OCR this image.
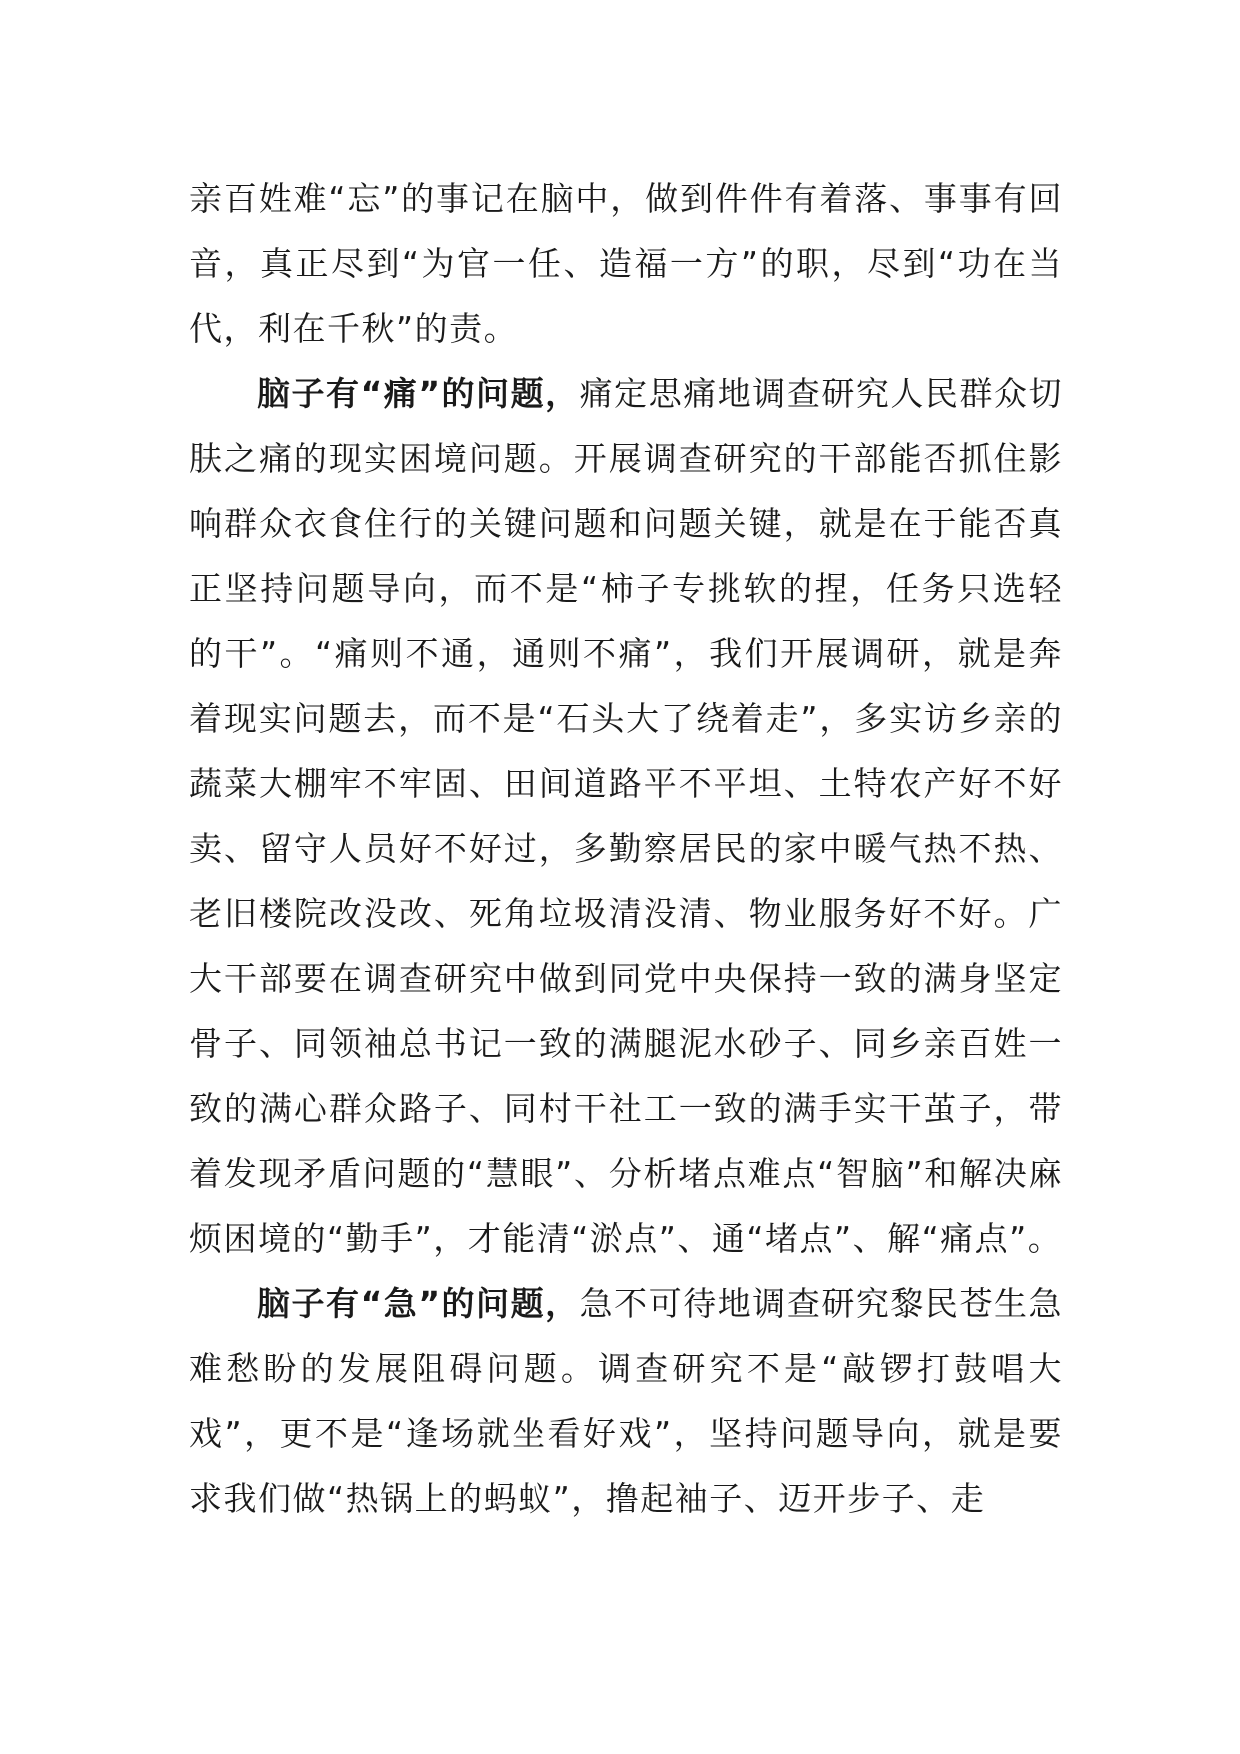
亲百姓难“忘”的事记在脑中，做到件件有着落、事事有回音，真正尽到“为官一任、造福一方”的职，尽到“功在当代，利在千秋”的责。

脑子有“痛”的问题，痛定思痛地调查研究人民群众切肤之痛的现实困境问题。开展调查研究的干部能否抓住影响群众衣食住行的关键问题和问题关键，就是在于能否真正坚持问题导向，而不是“柿子专挑软的捏，任务只选轻的干”。“痛则不通，通则不痛”，我们开展调研，就是奔着现实问题去，而不是“石头大了绕着走”，多实访乡亲的蔬菜大棚牢不牢固、田间道路平不平坦、土特农产好不好卖、留守人员好不好过，多勤察居民的家中暖气热不热、老旧楼院改没改、死角垃圾清没清、物业服务好不好。广大干部要在调查研究中做到同党中央保持一致的满身坚定骨子、同领袖总书记一致的满腿泥水砂子、同乡亲百姓一致的满心群众路子、同村干社工一致的满手实干茧子，带着发现矛盾问题的“慧眼”、分析堵点难点“智脑”和解决麻烦困境的“勤手”，才能清“淤点”、通“堵点”、解“痛点”。

脑子有“急”的问题，急不可待地调查研究黎民苍生急难愁盼的发展阻碍问题。调查研究不是“敲锣打鼓唱大戏”，更不是“逢场就坐看好戏”，坚持问题导向，就是要求我们做“热锅上的蚂蚁”，撸起袖子、迈开步子、走
